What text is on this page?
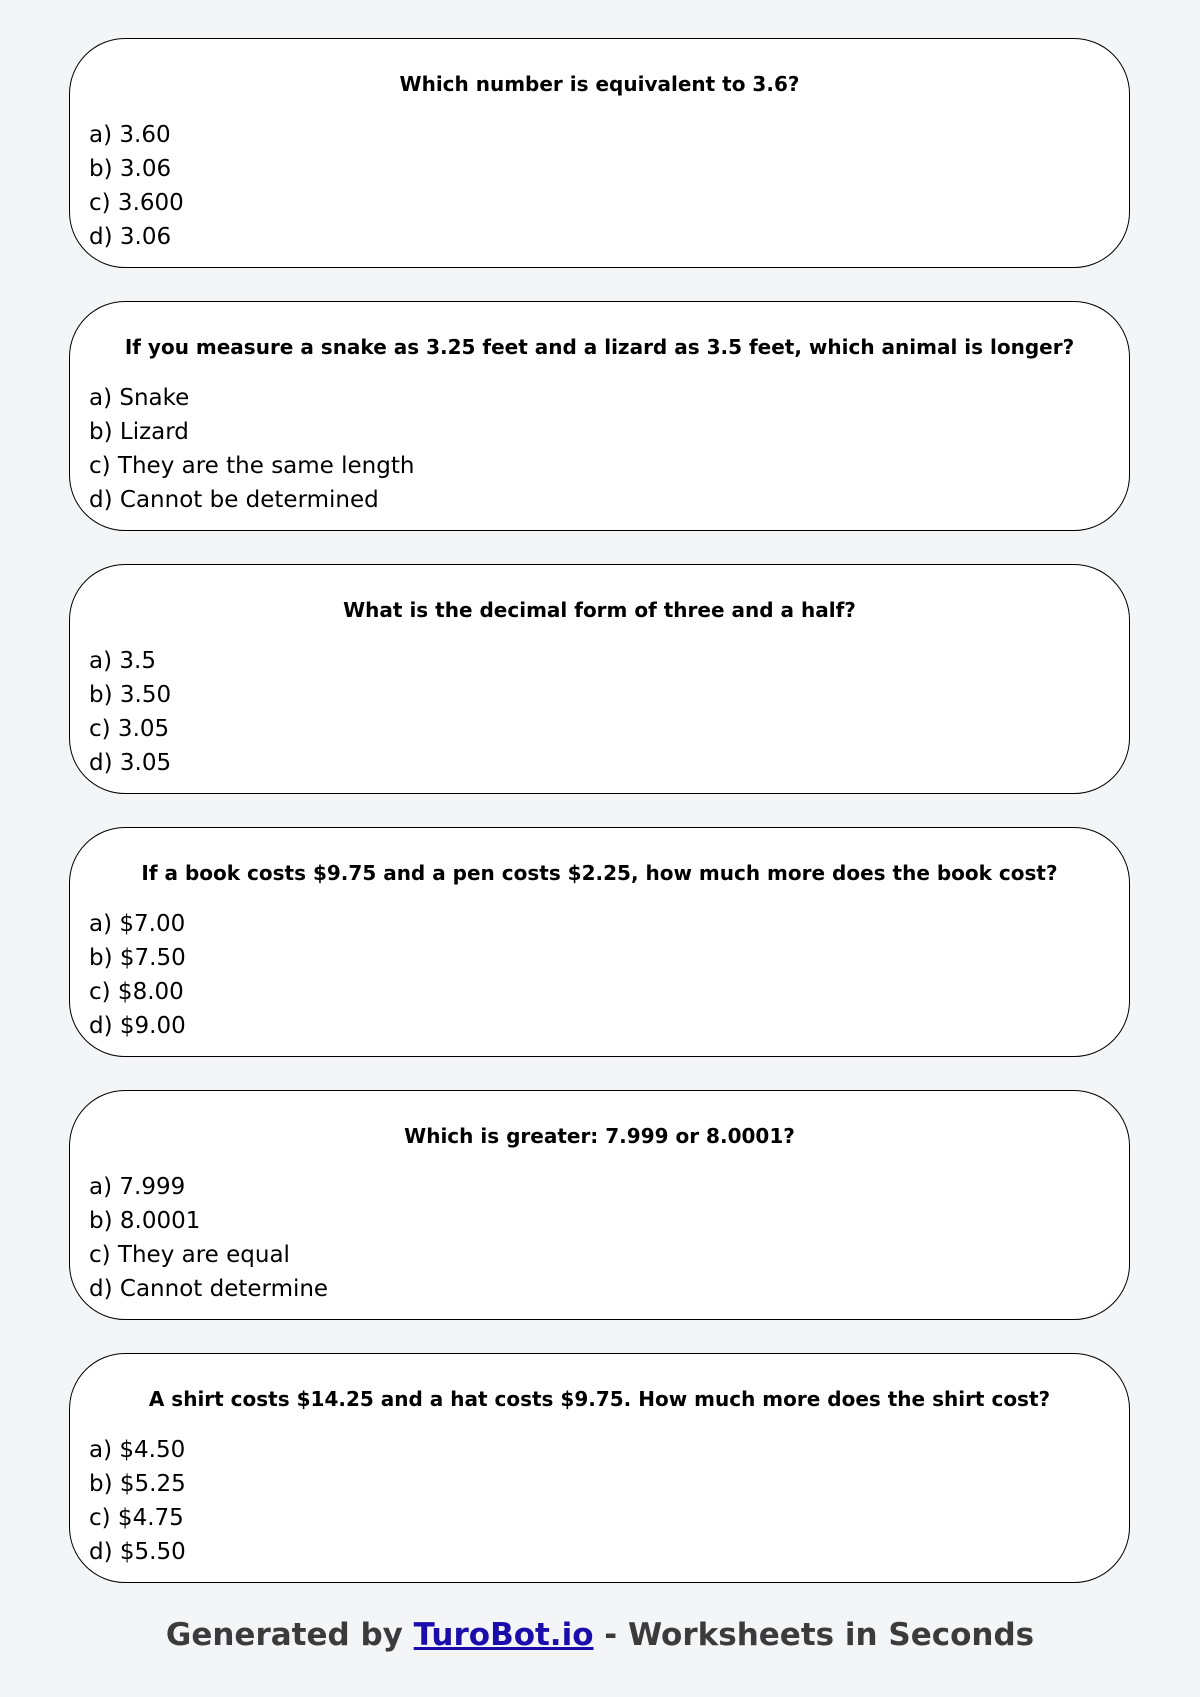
Which number is equivalent to 3.6?
a) 3.60
b) 3.06
c) 3.600
d) 3.06
If you measure a snake as 3.25 feet and a lizard as 3.5 feet, which animal is longer?
a) Snake
b) Lizard
c) They are the same length
d) Cannot be determined
What is the decimal form of three and a half?
a) 3.5
b) 3.50
c) 3.05
d) 3.05
If a book costs $9.75 and a pen costs $2.25, how much more does the book cost?
a) $7.00
b) $7.50
c) $8.00
d) $9.00
Which is greater: 7.999 or 8.0001?
a) 7.999
b) 8.0001
c) They are equal
d) Cannot determine
A shirt costs $14.25 and a hat costs $9.75. How much more does the shirt cost?
a) $4.50
b) $5.25
c) $4.75
d) $5.50
Generated by TuroBot.io - Worksheets in Seconds
